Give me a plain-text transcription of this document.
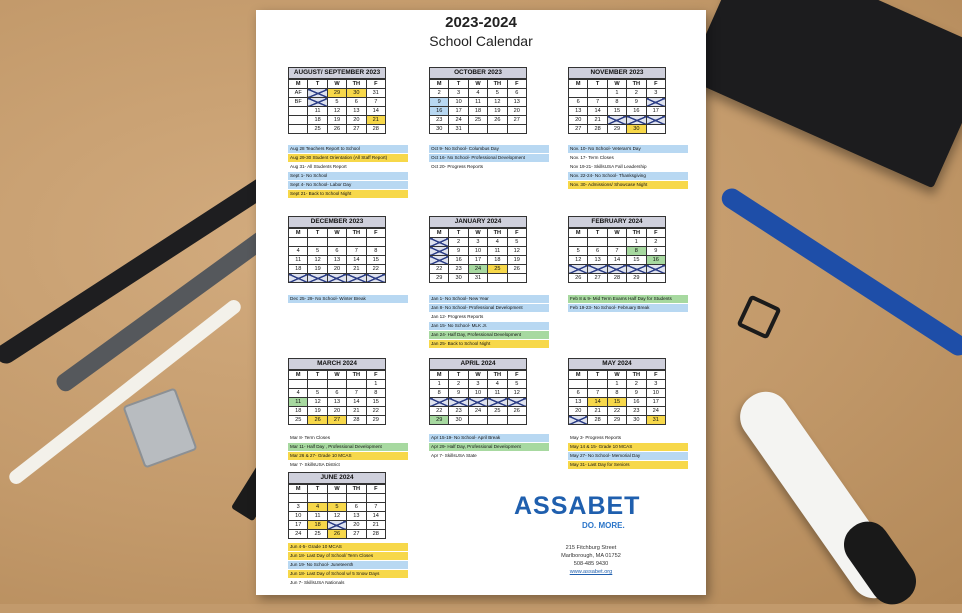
2023-2024
School Calendar
AUGUST/ SEPTEMBER 2023
M	T	W	TH	F
AF		29	30	31
BF		5	6	7
	11	12	13	14
	18	19	20	21
	25	26	27	28
Aug 28 Teachers Report to School
Aug 29-30 Student Orientation (All Staff Report)
Aug 31- All Students Report
Sept 1- No School
Sept 4- No School- Labor Day
Sept 21- Back to School Night
OCTOBER 2023
M	T	W	TH	F
2	3	4	5	6
9	10	11	12	13
16	17	18	19	20
23	24	25	26	27
30	31			
Oct 9- No School- Columbus Day
Oct 16- No School- Professional Development
Oct 20- Progress Reports
NOVEMBER 2023
M	T	W	TH	F
		1	2	3
6	7	8	9	
13	14	15	16	17
20	21			
27	28	29	30	
Nov. 10- No School- Veteran's Day
Nov. 17- Term Closes
Nov 19-21- SkillsUSA Fall Leadership
Nov. 22-24- No School- Thanksgiving
Nov. 30- Admissions/ Showcase Night
DECEMBER 2023
M	T	W	TH	F

4	5	6	7	8
11	12	13	14	15
18	19	20	21	22

Dec 25- 29- No School- Winter Break
JANUARY 2024
M	T	W	TH	F
	2	3	4	5
	9	10	11	12
	16	17	18	19
22	23	24	25	26
29	30	31		
Jan 1- No School- New Year
Jan 8- No School- Professional Development
Jan 12- Progress Reports
Jan 15- No School- MLK Jr.
Jan 24- Half Day, Professional Development
Jan 25- Back to School Night
FEBRUARY 2024
M	T	W	TH	F
			1	2
5	6	7	8	9
12	13	14	15	16

26	27	28	29	
Feb 8 & 9- Mid Term Exams Half Day for Students
Feb 19-23- No School- February Break
MARCH 2024
M	T	W	TH	F
				1
4	5	6	7	8
11	12	13	14	15
18	19	20	21	22
25	26	27	28	29
Mar 8- Term Closes
Mar 11- Half Day , Professional Development
Mar 26 & 27- Grade 10 MCAS
Mar 7- SkillsUSA District
APRIL 2024
M	T	W	TH	F
1	2	3	4	5
8	9	10	11	12

22	23	24	25	26
29	30			
Apr 15-19- No School- April Break
Apr 29- Half Day, Professional Development
Apr 7- SkillsUSA State
MAY 2024
M	T	W	TH	F
		1	2	3
6	7	8	9	10
13	14	15	16	17
20	21	22	23	24
	28	29	30	31
May 3- Progress Reports
May 14 & 15- Grade 10 MCAS
May 27- No School- Memorial Day
May 31- Last Day for Seniors
JUNE 2024
M	T	W	TH	F

3	4	5	6	7
10	11	12	13	14
17	18		20	21
24	25	26	27	28
Jun 4-5- Grade 10 MCAS
Jun 18- Last Day of School/ Term Closes
Jun 19- No School- Juneteenth
Jun 18- Last Day of School w/ 5 Snow Days
Jun 7- SkillsUSA Nationals
ASSABET
DO. MORE.
215 Fitchburg Street
Marlborough, MA 01752
508-485 9430
www.assabet.org
